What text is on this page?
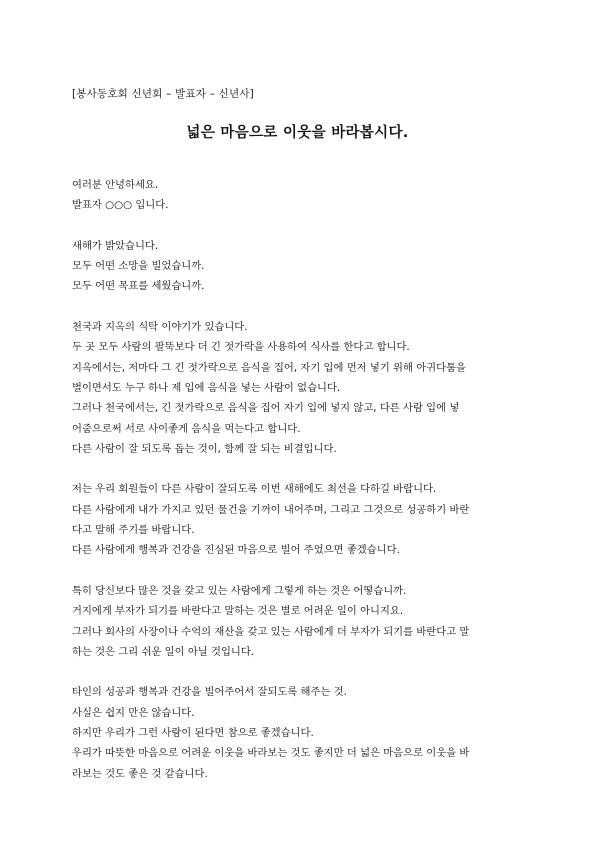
[봉사동호회 신년회 – 발표자 – 신년사]
넓은 마음으로 이웃을 바라봅시다.
여러분 안녕하세요.
발표자 ○○○ 입니다.
새해가 밝았습니다.
모두 어떤 소망을 빌었습니까.
모두 어떤 목표를 세웠습니까.
천국과 지옥의 식탁 이야기가 있습니다.
두 곳 모두 사람의 팔뚝보다 더 긴 젓가락을 사용하여 식사를 한다고 합니다.
지옥에서는, 저마다 그 긴 젓가락으로 음식을 집어, 자기 입에 먼저 넣기 위해 아귀다툼을
벌이면서도 누구 하나 제 입에 음식을 넣는 사람이 없습니다.
그러나 천국에서는, 긴 젓가락으로 음식을 집어 자기 입에 넣지 않고, 다른 사람 입에 넣
어줌으로써 서로 사이좋게 음식을 먹는다고 합니다.
다른 사람이 잘 되도록 돕는 것이, 함께 잘 되는 비결입니다.
저는 우리 회원들이 다른 사람이 잘되도록 이번 새해에도 최선을 다하길 바랍니다.
다른 사람에게 내가 가지고 있던 물건을 기꺼이 내어주며, 그리고 그것으로 성공하기 바란
다고 말해 주기를 바랍니다.
다른 사람에게 행복과 건강을 진심된 마음으로 빌어 주었으면 좋겠습니다.
특히 당신보다 많은 것을 갖고 있는 사람에게 그렇게 하는 것은 어떻습니까.
거지에게 부자가 되기를 바란다고 말하는 것은 별로 어려운 일이 아니지요.
그러나 회사의 사장이나 수억의 재산을 갖고 있는 사람에게 더 부자가 되기를 바란다고 말
하는 것은 그리 쉬운 일이 아닐 것입니다.
타인의 성공과 행복과 건강을 빌어주어서 잘되도록 해주는 것.
사실은 쉽지 만은 않습니다.
하지만 우리가 그런 사람이 된다면 참으로 좋겠습니다.
우리가 따뜻한 마음으로 어려운 이웃을 바라보는 것도 좋지만 더 넓은 마음으로 이웃을 바
라보는 것도 좋은 것 같습니다.
